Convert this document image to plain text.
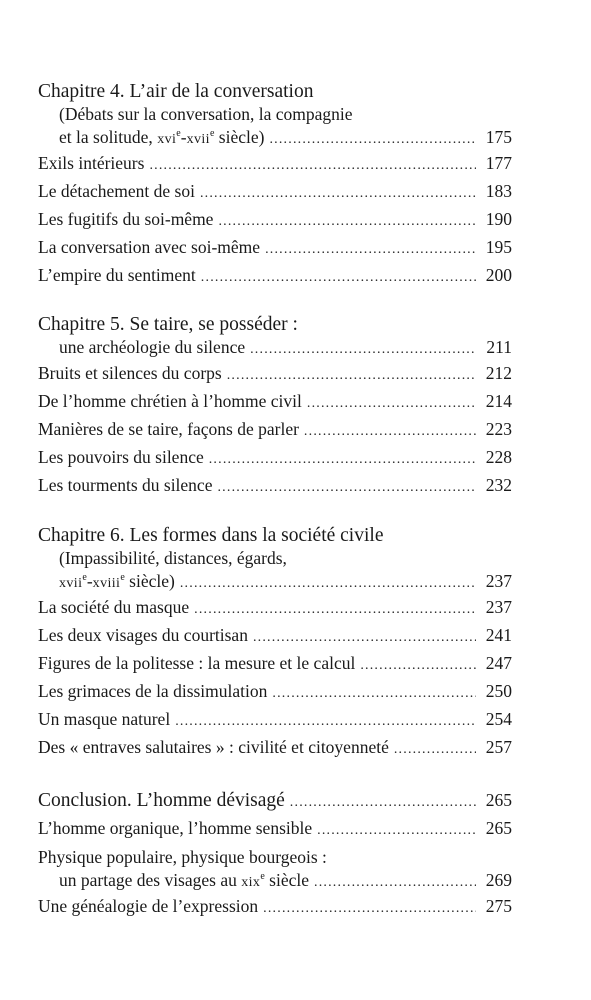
Chapitre 4. L’air de la conversation
(Débats sur la conversation, la compagnie
et la solitude, xvi$^e$-xvii$^e$ siècle) .....	175
Exils intérieurs .....	177
Le détachement de soi .....	183
Les fugitifs du soi-même .....	190
La conversation avec soi-même .....	195
L’empire du sentiment .....	200
Chapitre 5. Se taire, se posséder :
une archéologie du silence .....	211
Bruits et silences du corps .....	212
De l’homme chrétien à l’homme civil .....	214
Manières de se taire, façons de parler .....	223
Les pouvoirs du silence .....	228
Les tourments du silence .....	232
Chapitre 6. Les formes dans la société civile
(Impassibilité, distances, égards,
xvii$^e$-xviii$^e$ siècle) .....	237
La société du masque .....	237
Les deux visages du courtisan .....	241
Figures de la politesse : la mesure et le calcul .....	247
Les grimaces de la dissimulation .....	250
Un masque naturel .....	254
Des « entraves salutaires » : civilité et citoyenneté .....	257
Conclusion. L’homme dévisagé .....	265
L’homme organique, l’homme sensible .....	265
Physique populaire, physique bourgeois :
un partage des visages au xix$^e$ siècle .....	269
Une généalogie de l’expression .....	275
